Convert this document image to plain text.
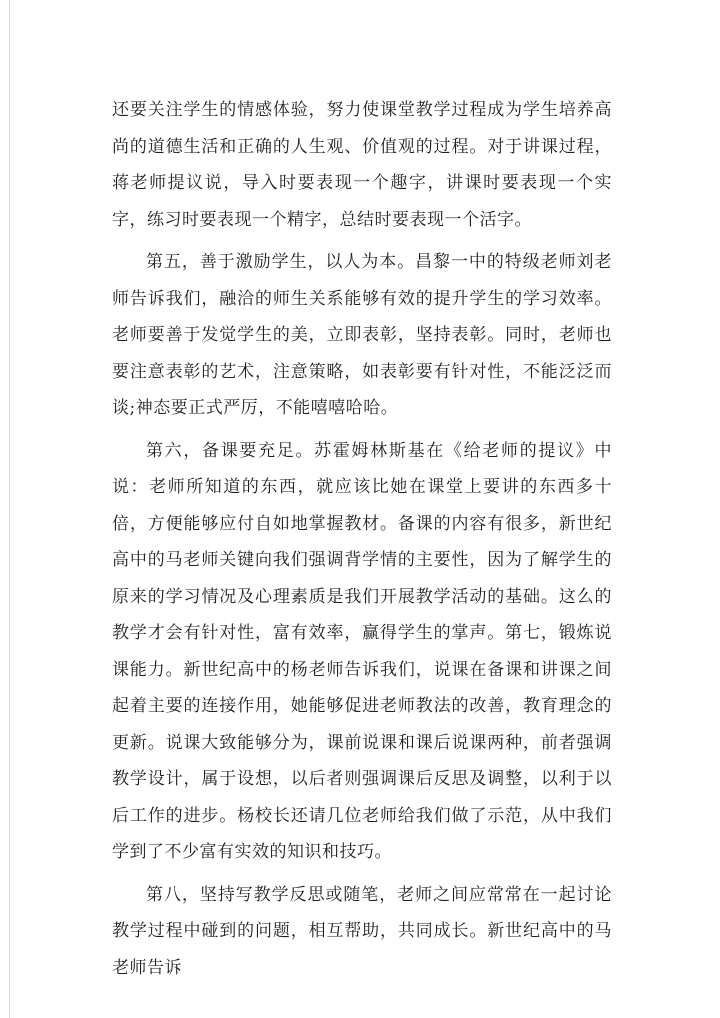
还要关注学生的情感体验，努力使课堂教学过程成为学生培养高尚的道德生活和正确的人生观、价值观的过程。对于讲课过程，蒋老师提议说，导入时要表现一个趣字，讲课时要表现一个实字，练习时要表现一个精字，总结时要表现一个活字。

第五，善于激励学生，以人为本。昌黎一中的特级老师刘老师告诉我们，融洽的师生关系能够有效的提升学生的学习效率。老师要善于发觉学生的美，立即表彰，坚持表彰。同时，老师也要注意表彰的艺术，注意策略，如表彰要有针对性，不能泛泛而谈;神态要正式严厉，不能嘻嘻哈哈。

第六，备课要充足。苏霍姆林斯基在《给老师的提议》中说：老师所知道的东西，就应该比她在课堂上要讲的东西多十倍，方便能够应付自如地掌握教材。备课的内容有很多，新世纪高中的马老师关键向我们强调背学情的主要性，因为了解学生的原来的学习情况及心理素质是我们开展教学活动的基础。这么的教学才会有针对性，富有效率，赢得学生的掌声。第七，锻炼说课能力。新世纪高中的杨老师告诉我们，说课在备课和讲课之间起着主要的连接作用，她能够促进老师教法的改善，教育理念的更新。说课大致能够分为，课前说课和课后说课两种，前者强调教学设计，属于设想，以后者则强调课后反思及调整，以利于以后工作的进步。杨校长还请几位老师给我们做了示范，从中我们学到了不少富有实效的知识和技巧。

第八，坚持写教学反思或随笔，老师之间应常常在一起讨论教学过程中碰到的问题，相互帮助，共同成长。新世纪高中的马老师告诉
